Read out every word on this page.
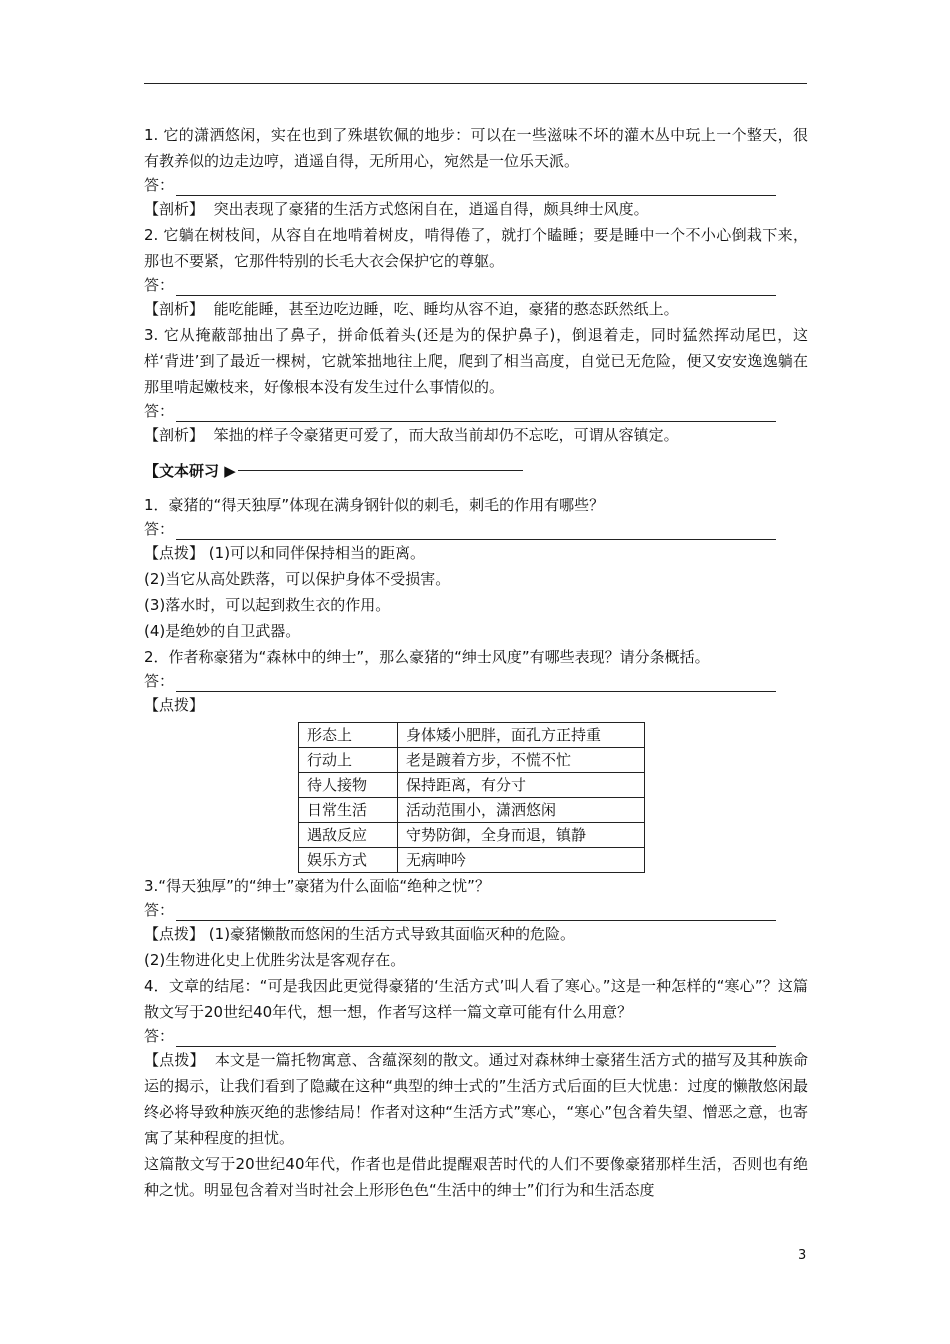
1. 它的潇洒悠闲，实在也到了殊堪钦佩的地步：可以在一些滋味不坏的灌木丛中玩上一个整天，很有教养似的边走边哼，逍遥自得，无所用心，宛然是一位乐天派。

答：

【剖析】 突出表现了豪猪的生活方式悠闲自在，逍遥自得，颇具绅士风度。

2. 它躺在树枝间，从容自在地啃着树皮，啃得倦了，就打个瞌睡；要是睡中一个不小心倒栽下来，那也不要紧，它那件特别的长毛大衣会保护它的尊躯。

答：

【剖析】 能吃能睡，甚至边吃边睡，吃、睡均从容不迫，豪猪的憨态跃然纸上。

3. 它从掩蔽部抽出了鼻子，拼命低着头(还是为的保护鼻子)，倒退着走，同时猛然挥动尾巴，这样‘背进’到了最近一棵树，它就笨拙地往上爬，爬到了相当高度，自觉已无危险，便又安安逸逸躺在那里啃起嫩枝来，好像根本没有发生过什么事情似的。

答：

【剖析】 笨拙的样子令豪猪更可爱了，而大敌当前却仍不忘吃，可谓从容镇定。

【文本研习 ▶

1．豪猪的“得天独厚”体现在满身钢针似的刺毛，刺毛的作用有哪些？

答：

【点拨】 (1)可以和同伴保持相当的距离。

(2)当它从高处跌落，可以保护身体不受损害。

(3)落水时，可以起到救生衣的作用。

(4)是绝妙的自卫武器。

2．作者称豪猪为“森林中的绅士”，那么豪猪的“绅士风度”有哪些表现？请分条概括。

答：

【点拨】

形态上	身体矮小肥胖，面孔方正持重
行动上	老是踱着方步，不慌不忙
待人接物	保持距离，有分寸
日常生活	活动范围小，潇洒悠闲
遇敌反应	守势防御，全身而退，镇静
娱乐方式	无病呻吟

3.“得天独厚”的“绅士”豪猪为什么面临“绝种之忧”？

答：

【点拨】 (1)豪猪懒散而悠闲的生活方式导致其面临灭种的危险。

(2)生物进化史上优胜劣汰是客观存在。

4．文章的结尾：“可是我因此更觉得豪猪的‘生活方式’叫人看了寒心。”这是一种怎样的“寒心”？这篇散文写于20世纪40年代，想一想，作者写这样一篇文章可能有什么用意？

答：

【点拨】 本文是一篇托物寓意、含蕴深刻的散文。通过对森林绅士豪猪生活方式的描写及其种族命运的揭示，让我们看到了隐藏在这种“典型的绅士式的”生活方式后面的巨大忧患：过度的懒散悠闲最终必将导致种族灭绝的悲惨结局！作者对这种“生活方式”寒心，“寒心”包含着失望、憎恶之意，也寄寓了某种程度的担忧。

这篇散文写于20世纪40年代，作者也是借此提醒艰苦时代的人们不要像豪猪那样生活，否则也有绝种之忧。明显包含着对当时社会上形形色色“生活中的绅士”们行为和生活态度

3
